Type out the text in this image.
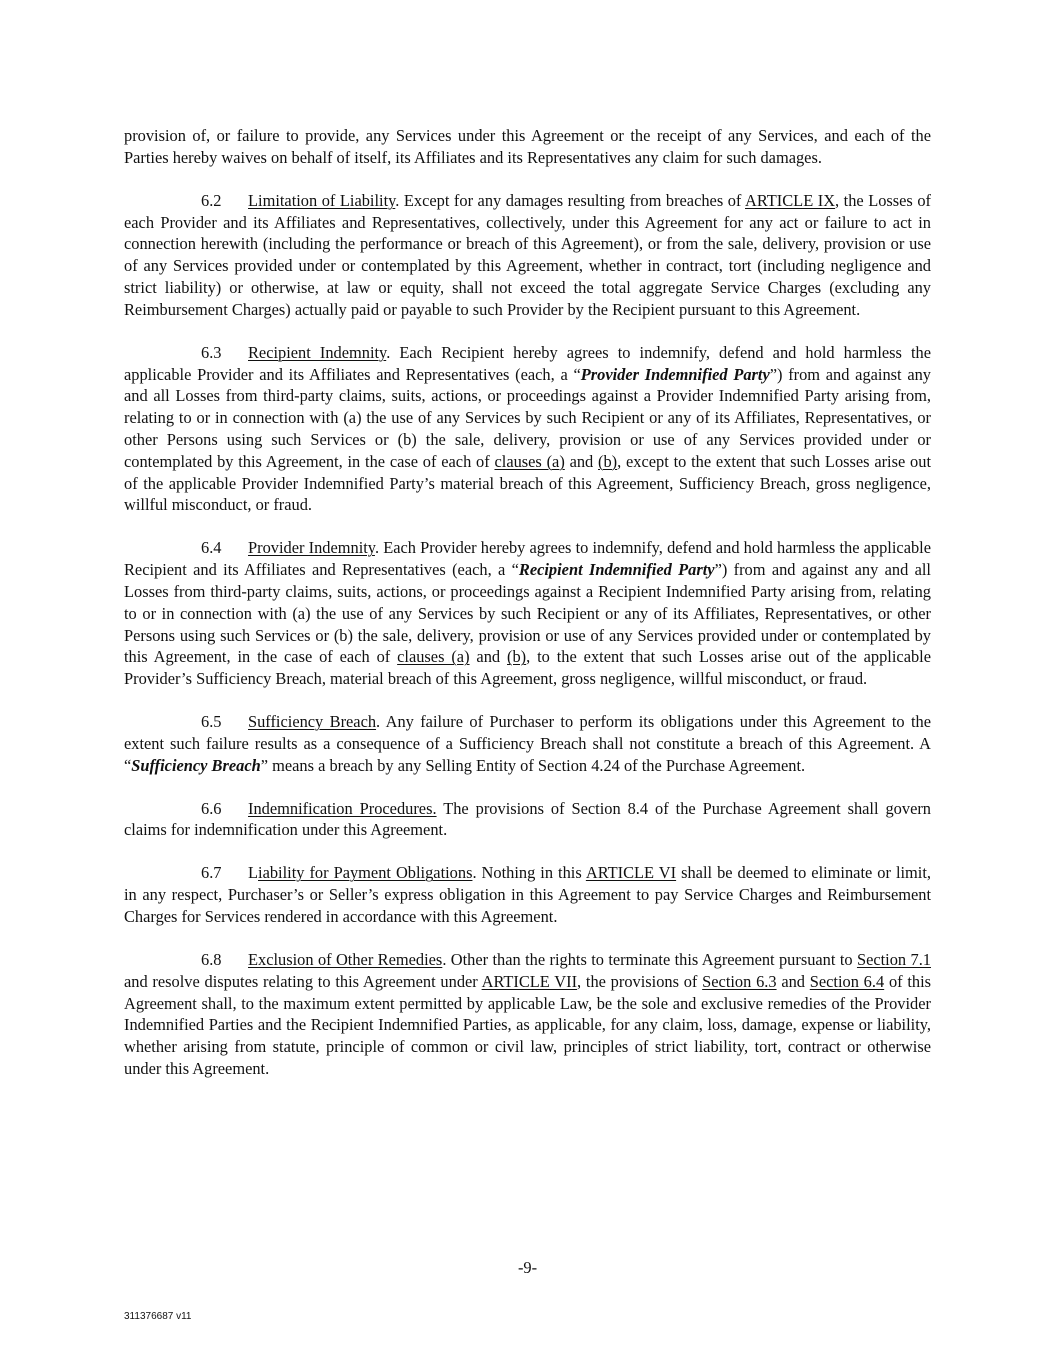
provision of, or failure to provide, any Services under this Agreement or the receipt of any Services, and each of the Parties hereby waives on behalf of itself, its Affiliates and its Representatives any claim for such damages.

6.2 Limitation of Liability. Except for any damages resulting from breaches of ARTICLE IX, the Losses of each Provider and its Affiliates and Representatives, collectively, under this Agreement for any act or failure to act in connection herewith (including the performance or breach of this Agreement), or from the sale, delivery, provision or use of any Services provided under or contemplated by this Agreement, whether in contract, tort (including negligence and strict liability) or otherwise, at law or equity, shall not exceed the total aggregate Service Charges (excluding any Reimbursement Charges) actually paid or payable to such Provider by the Recipient pursuant to this Agreement.

6.3 Recipient Indemnity. Each Recipient hereby agrees to indemnify, defend and hold harmless the applicable Provider and its Affiliates and Representatives (each, a “Provider Indemnified Party”) from and against any and all Losses from third-party claims, suits, actions, or proceedings against a Provider Indemnified Party arising from, relating to or in connection with (a) the use of any Services by such Recipient or any of its Affiliates, Representatives, or other Persons using such Services or (b) the sale, delivery, provision or use of any Services provided under or contemplated by this Agreement, in the case of each of clauses (a) and (b), except to the extent that such Losses arise out of the applicable Provider Indemnified Party’s material breach of this Agreement, Sufficiency Breach, gross negligence, willful misconduct, or fraud.

6.4 Provider Indemnity. Each Provider hereby agrees to indemnify, defend and hold harmless the applicable Recipient and its Affiliates and Representatives (each, a “Recipient Indemnified Party”) from and against any and all Losses from third-party claims, suits, actions, or proceedings against a Recipient Indemnified Party arising from, relating to or in connection with (a) the use of any Services by such Recipient or any of its Affiliates, Representatives, or other Persons using such Services or (b) the sale, delivery, provision or use of any Services provided under or contemplated by this Agreement, in the case of each of clauses (a) and (b), to the extent that such Losses arise out of the applicable Provider’s Sufficiency Breach, material breach of this Agreement, gross negligence, willful misconduct, or fraud.

6.5 Sufficiency Breach. Any failure of Purchaser to perform its obligations under this Agreement to the extent such failure results as a consequence of a Sufficiency Breach shall not constitute a breach of this Agreement. A “Sufficiency Breach” means a breach by any Selling Entity of Section 4.24 of the Purchase Agreement.

6.6 Indemnification Procedures. The provisions of Section 8.4 of the Purchase Agreement shall govern claims for indemnification under this Agreement.

6.7 Liability for Payment Obligations. Nothing in this ARTICLE VI shall be deemed to eliminate or limit, in any respect, Purchaser’s or Seller’s express obligation in this Agreement to pay Service Charges and Reimbursement Charges for Services rendered in accordance with this Agreement.

6.8 Exclusion of Other Remedies. Other than the rights to terminate this Agreement pursuant to Section 7.1 and resolve disputes relating to this Agreement under ARTICLE VII, the provisions of Section 6.3 and Section 6.4 of this Agreement shall, to the maximum extent permitted by applicable Law, be the sole and exclusive remedies of the Provider Indemnified Parties and the Recipient Indemnified Parties, as applicable, for any claim, loss, damage, expense or liability, whether arising from statute, principle of common or civil law, principles of strict liability, tort, contract or otherwise under this Agreement.

-9-
311376687 v11
